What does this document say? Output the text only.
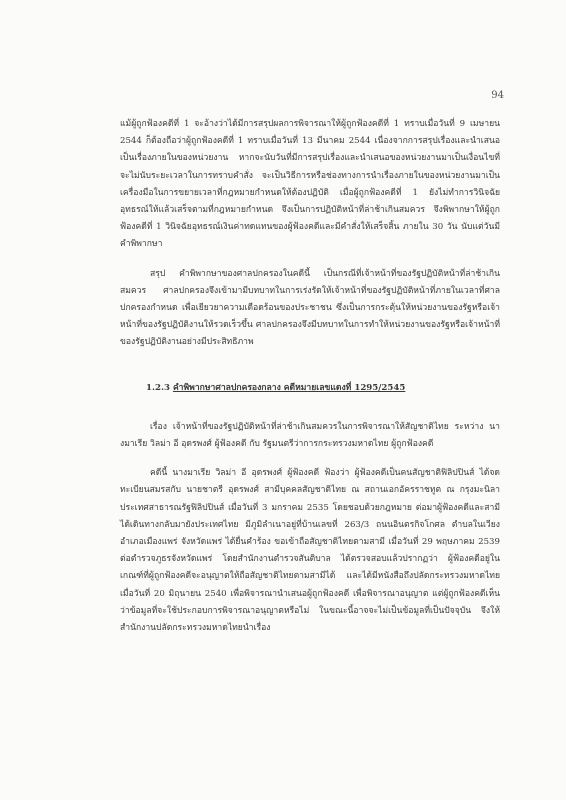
94

แม้ผู้ถูกฟ้องคดีที่ 1 จะอ้างว่าได้มีการสรุปผลการพิจารณาให้ผู้ถูกฟ้องคดีที่ 1 ทราบเมื่อวันที่ 9 เมษายน 2544 ก็ต้องถือว่าผู้ถูกฟ้องคดีที่ 1 ทราบเมื่อวันที่ 13 มีนาคม 2544 เนื่องจากการสรุปเรื่องและนำเสนอเป็นเรื่องภายในของหน่วยงาน หากจะนับวันที่มีการสรุปเรื่องและนำเสนอของหน่วยงานมาเป็นเงื่อนไขที่จะไม่นับระยะเวลาในการทราบคำสั่ง จะเป็นวิธีการหรือช่องทางการนำเรื่องภายในของหน่วยงานมาเป็นเครื่องมือในการขยายเวลาที่กฎหมายกำหนดให้ต้องปฏิบัติ เมื่อผู้ถูกฟ้องคดีที่ 1 ยังไม่ทำการวินิจฉัยอุทธรณ์ให้แล้วเสร็จตามที่กฎหมายกำหนด จึงเป็นการปฏิบัติหน้าที่ล่าช้าเกินสมควร จึงพิพากษาให้ผู้ถูกฟ้องคดีที่ 1 วินิจฉัยอุทธรณ์เงินค่าทดแทนของผู้ฟ้องคดีและมีคำสั่งให้เสร็จสิ้น ภายใน 30 วัน นับแต่วันมีคำพิพากษา

สรุป คำพิพากษาของศาลปกครองในคดีนี้ เป็นกรณีที่เจ้าหน้าที่ของรัฐปฏิบัติหน้าที่ล่าช้าเกินสมควร ศาลปกครองจึงเข้ามามีบทบาทในการเร่งรัดให้เจ้าหน้าที่ของรัฐปฏิบัติหน้าที่ภายในเวลาที่ศาลปกครองกำหนด เพื่อเยียวยาความเดือดร้อนของประชาชน ซึ่งเป็นการกระตุ้นให้หน่วยงานของรัฐหรือเจ้าหน้าที่ของรัฐปฏิบัติงานให้รวดเร็วขึ้น ศาลปกครองจึงมีบทบาทในการทำให้หน่วยงานของรัฐหรือเจ้าหน้าที่ของรัฐปฏิบัติงานอย่างมีประสิทธิภาพ

1.2.3 คำพิพากษาศาลปกครองกลาง คดีหมายเลขแดงที่ 1295/2545

เรื่อง เจ้าหน้าที่ของรัฐปฏิบัติหน้าที่ล่าช้าเกินสมควรในการพิจารณาให้สัญชาติไทย ระหว่าง นางมาเรีย วิลม่า อี อุดรพงศ์ ผู้ฟ้องคดี กับ รัฐมนตรีว่าการกระทรวงมหาดไทย ผู้ถูกฟ้องคดี

คดีนี้ นางมาเรีย วิลม่า อี อุดรพงศ์ ผู้ฟ้องคดี ฟ้องว่า ผู้ฟ้องคดีเป็นคนสัญชาติฟิลิปปินส์ ได้จดทะเบียนสมรสกับ นายชาตรี อุดรพงศ์ สามีบุคคลสัญชาติไทย ณ สถานเอกอัครราชทูต ณ กรุงมะนิลา ประเทศสาธารณรัฐฟิลิปปินส์ เมื่อวันที่ 3 มกราคม 2535 โดยชอบด้วยกฎหมาย ต่อมาผู้ฟ้องคดีและสามีได้เดินทางกลับมายังประเทศไทย มีภูมิลำเนาอยู่ที่บ้านเลขที่ 263/3 ถนนอินตรกิจโกศล ตำบลในเวียง อำเภอเมืองแพร่ จังหวัดแพร่ ได้ยื่นคำร้อง ขอเข้าถือสัญชาติไทยตามสามี เมื่อวันที่ 29 พฤษภาคม 2539 ต่อตำรวจภูธรจังหวัดแพร่ โดยสำนักงานตำรวจสันติบาล ได้ตรวจสอบแล้วปรากฏว่า ผู้ฟ้องคดีอยู่ในเกณฑ์ที่ผู้ถูกฟ้องคดีจะอนุญาตให้ถือสัญชาติไทยตามสามีได้ และได้มีหนังสือถึงปลัดกระทรวงมหาดไทย เมื่อวันที่ 20 มิถุนายน 2540 เพื่อพิจารณานำเสนอผู้ถูกฟ้องคดี เพื่อพิจารณาอนุญาต แต่ผู้ถูกฟ้องคดีเห็นว่าข้อมูลที่จะใช้ประกอบการพิจารณาอนุญาตหรือไม่ ในขณะนี้อาจจะไม่เป็นข้อมูลที่เป็นปัจจุบัน จึงให้สำนักงานปลัดกระทรวงมหาดไทยนำเรื่อง
